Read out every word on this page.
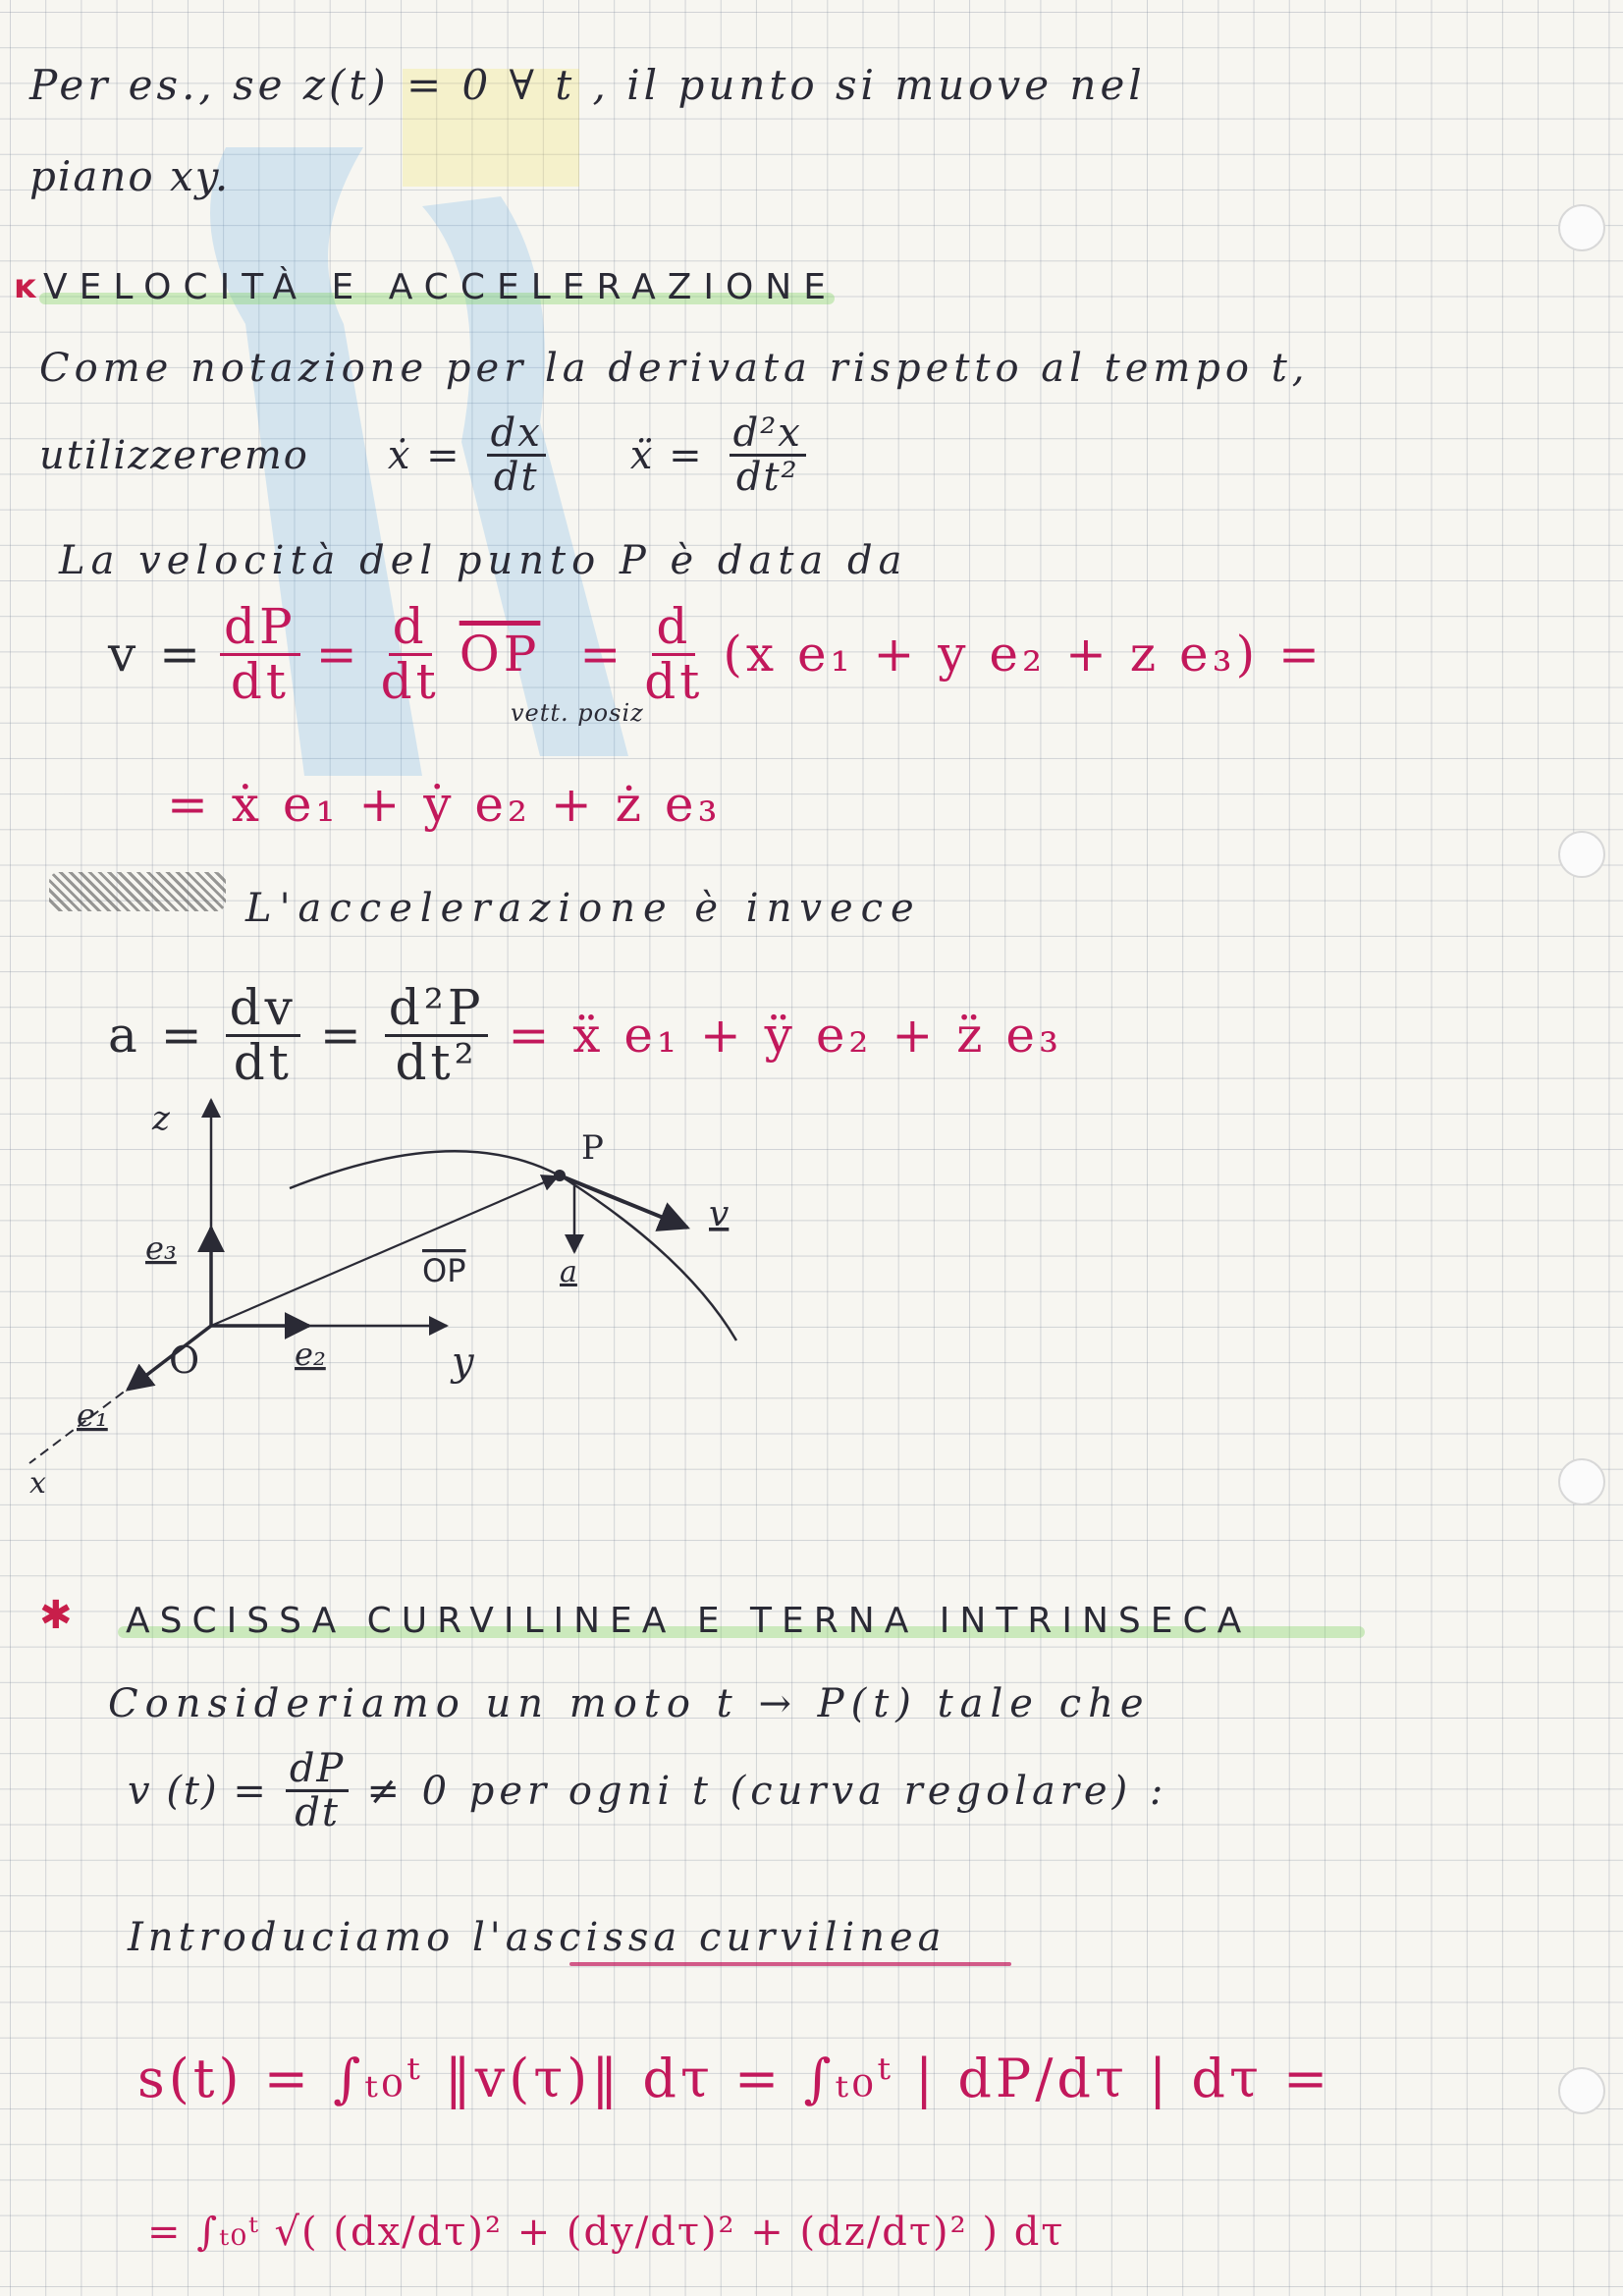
Per es., se z(t) = 0 ∀ t , il punto si muove nel
piano xy.
ĸ VELOCITÀ E ACCELERAZIONE
Come notazione per la derivata rispetto al tempo t,
utilizzeremo ẋ = $\frac{dx}{dt}$ ẍ = $\frac{\text{d²x}}{\text{dt²}}$
La velocità del punto P è data da
$v = \frac{dP}{dt} = \frac{d}{dt} \overline{OP} = \frac{d}{dt} (x$ e₁ + y e₂ + z e₃) =
vett. posiz
= ẋ e₁ + ẏ e₂ + ż e₃
L'accelerazione è invece
$a = \frac{dv}{dt} = \frac{\text{d²P}}{\text{dt²}}$ = ẍ e₁ + ÿ e₂ + z̈ e₃
z
y
x
O
e₃
e₂
e₁
P
v
a
OP
✱ ASCISSA CURVILINEA E TERNA INTRINSECA
Consideriamo un moto t → P(t) tale che
v $(t) = \frac{dP}{dt} \ne 0$ per ogni t (curva regolare) :
Introduciamo l'ascissa curvilinea
s(t) = ∫ₜ₀ᵗ ‖v(τ)‖ dτ = ∫ₜ₀ᵗ | dP/dτ | dτ =
= ∫ₜ₀ᵗ √( (dx/dτ)² + (dy/dτ)² + (dz/dτ)² ) dτ
